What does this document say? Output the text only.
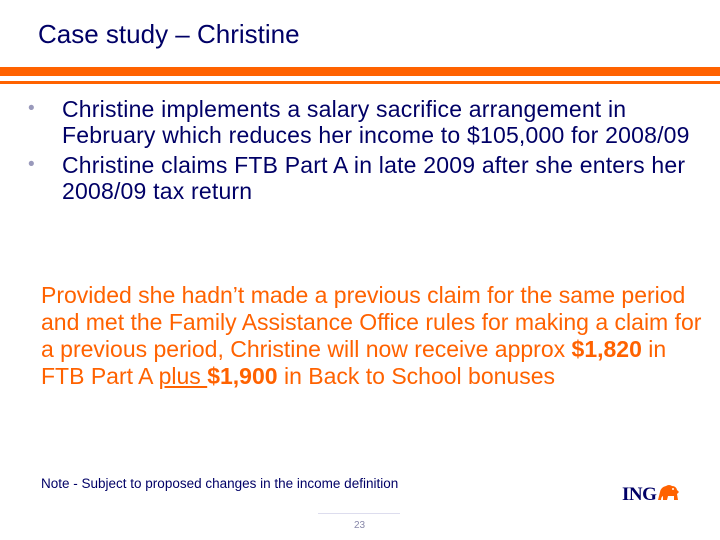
Case study – Christine
• Christine implements a salary sacrifice arrangement in February which reduces her income to $105,000 for 2008/09
• Christine claims FTB Part A in late 2009 after she enters her 2008/09 tax return

Provided she hadn’t made a previous claim for the same period and met the Family Assistance Office rules for making a claim for a previous period, Christine will now receive approx $1,820 in FTB Part A plus $1,900 in Back to School bonuses

Note - Subject to proposed changes in the income definition
23
ING
